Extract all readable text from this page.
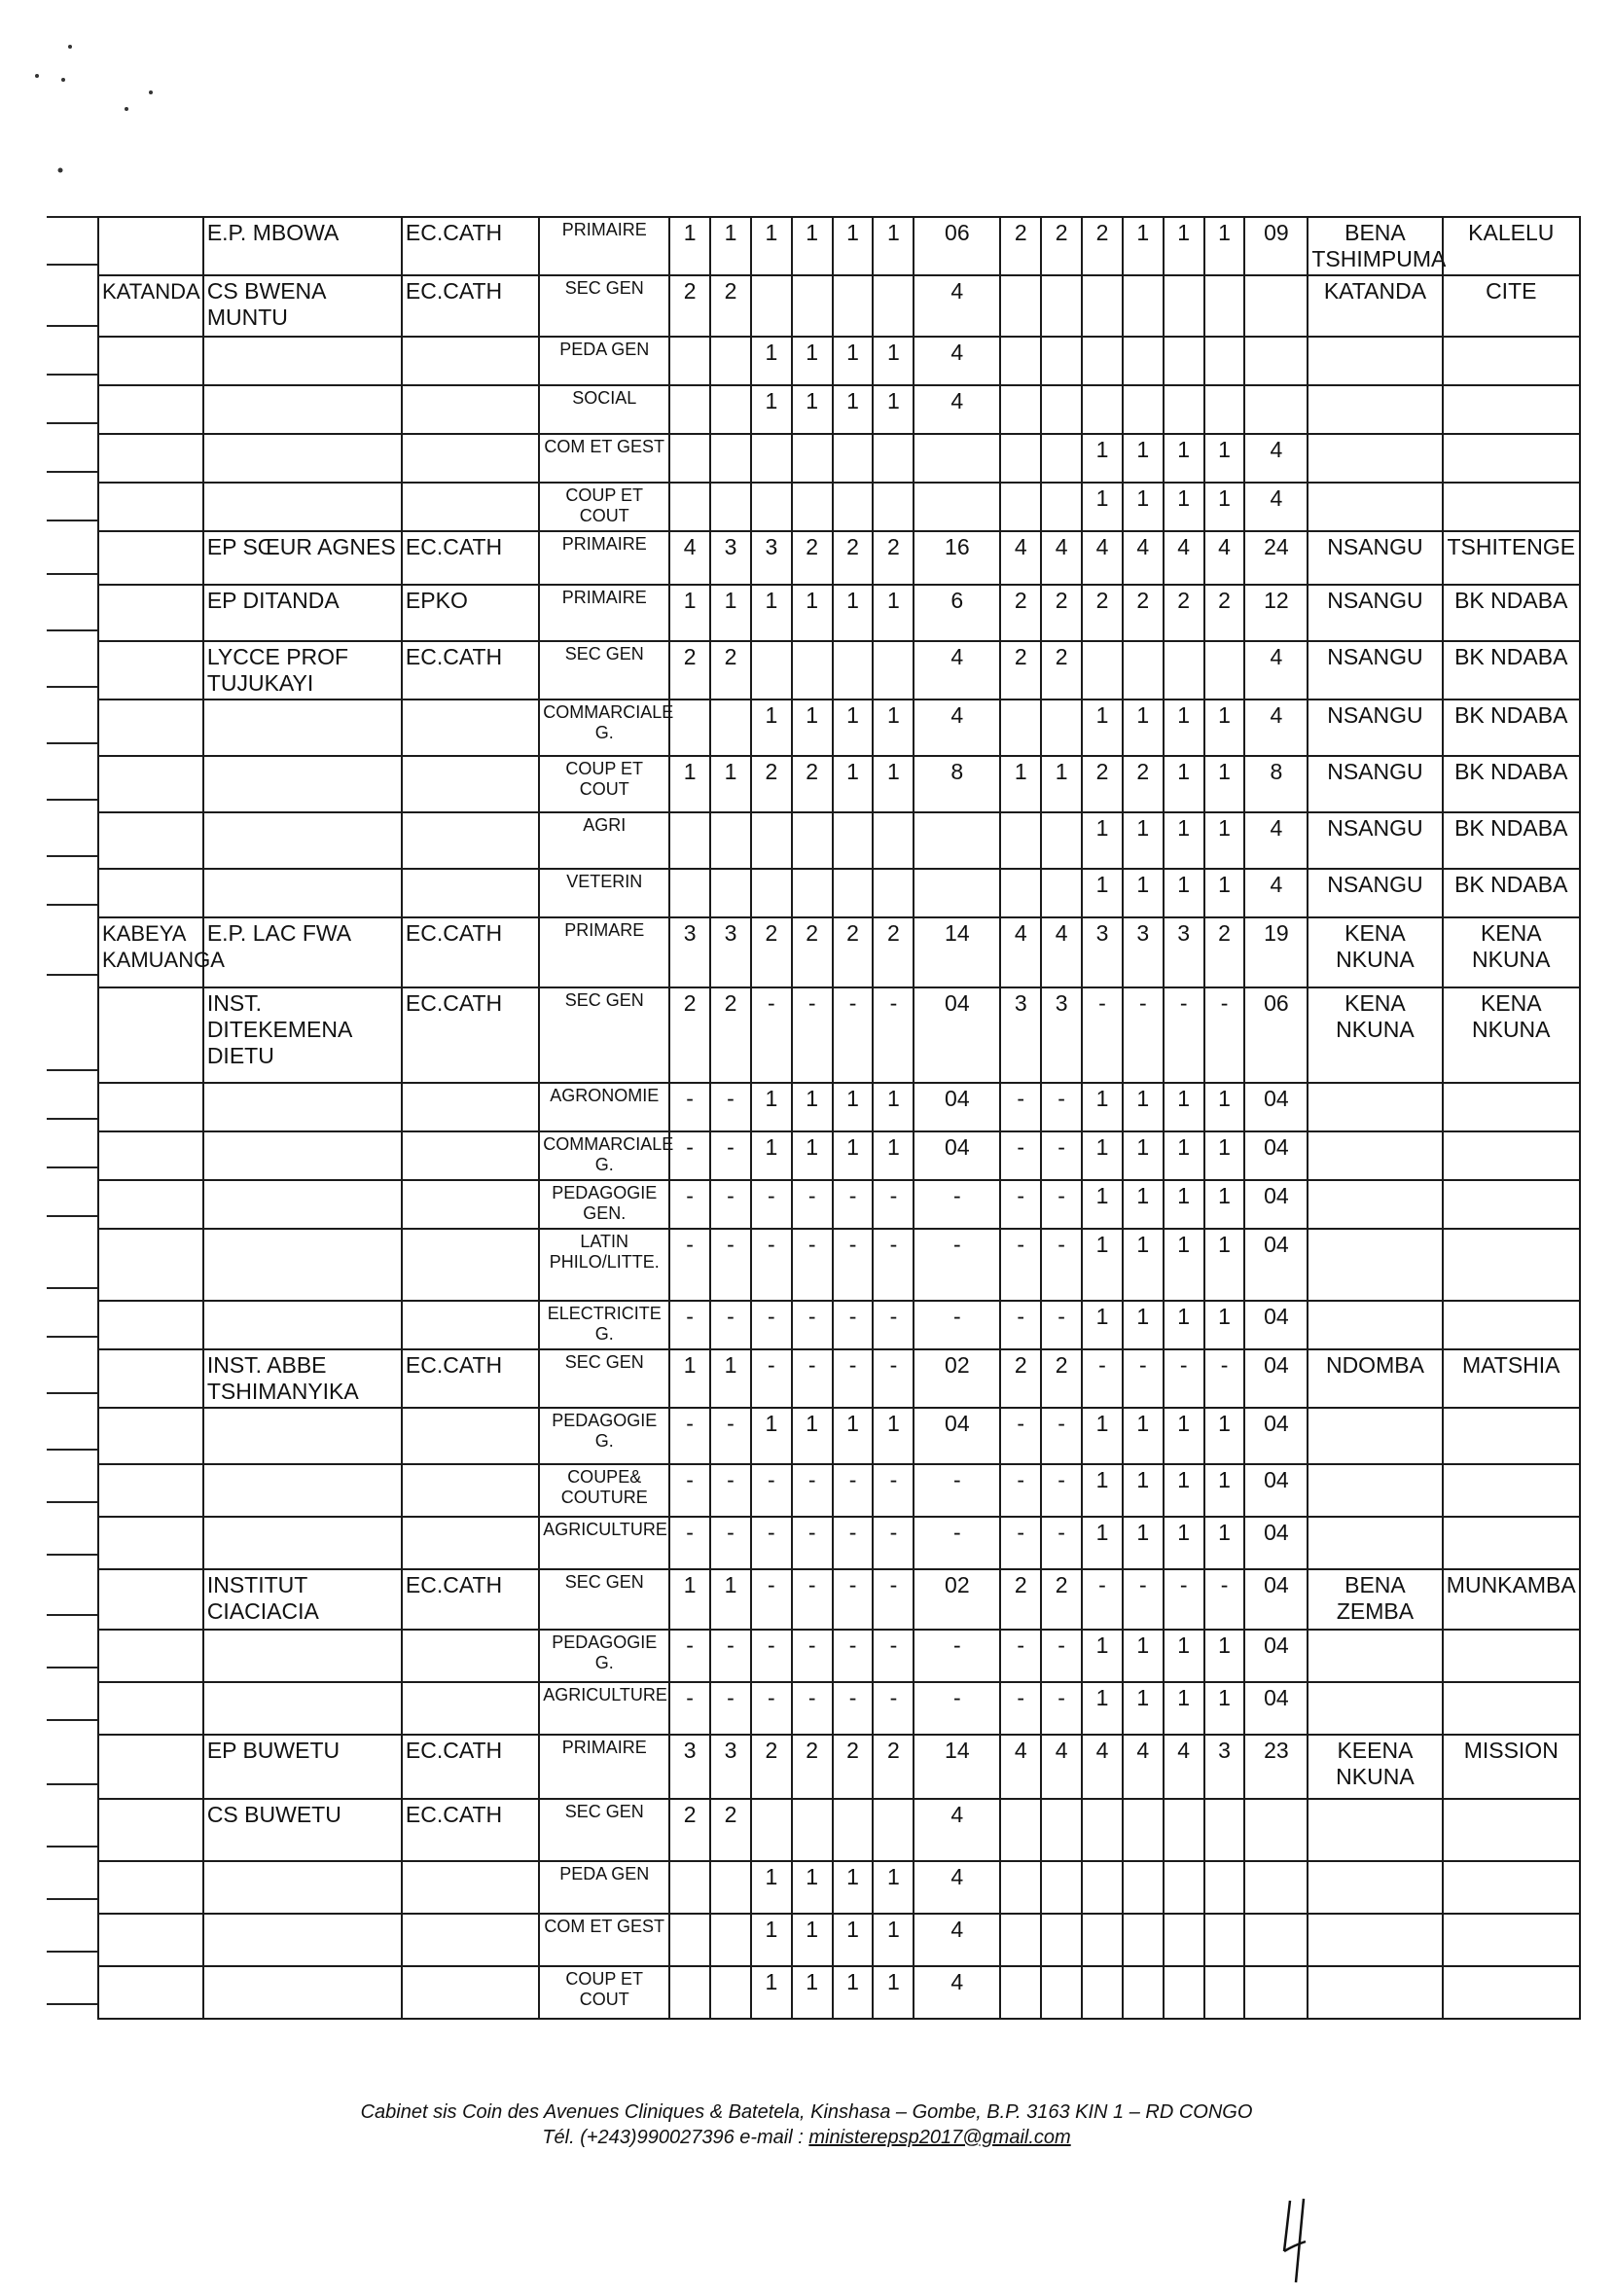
	E.P. MBOWA	EC.CATH	PRIMAIRE	1	1	1	1	1	1	06	2	2	2	1	1	1	09	BENA TSHIMPUMA	KALELU
KATANDA	CS BWENA MUNTU	EC.CATH	SEC GEN	2	2					4								KATANDA	CITE
			PEDA GEN			1	1	1	1	4									
			SOCIAL			1	1	1	1	4									
			COM ET GEST										1	1	1	1	4		
			COUP ET COUT										1	1	1	1	4		
	EP SŒUR AGNES	EC.CATH	PRIMAIRE	4	3	3	2	2	2	16	4	4	4	4	4	4	24	NSANGU	TSHITENGE
	EP DITANDA	EPKO	PRIMAIRE	1	1	1	1	1	1	6	2	2	2	2	2	2	12	NSANGU	BK NDABA
	LYCCE PROF TUJUKAYI	EC.CATH	SEC GEN	2	2					4	2	2					4	NSANGU	BK NDABA
			COMMARCIALE G.			1	1	1	1	4			1	1	1	1	4	NSANGU	BK NDABA
			COUP ET COUT	1	1	2	2	1	1	8	1	1	2	2	1	1	8	NSANGU	BK NDABA
			AGRI										1	1	1	1	4	NSANGU	BK NDABA
			VETERIN										1	1	1	1	4	NSANGU	BK NDABA
KABEYA KAMUANGA	E.P. LAC FWA	EC.CATH	PRIMARE	3	3	2	2	2	2	14	4	4	3	3	3	2	19	KENA NKUNA	KENA NKUNA
	INST. DITEKEMENA DIETU	EC.CATH	SEC GEN	2	2	-	-	-	-	04	3	3	-	-	-	-	06	KENA NKUNA	KENA NKUNA
			AGRONOMIE	-	-	1	1	1	1	04	-	-	1	1	1	1	04		
			COMMARCIALE G.	-	-	1	1	1	1	04	-	-	1	1	1	1	04		
			PEDAGOGIE GEN.	-	-	-	-	-	-	-	-	-	1	1	1	1	04		
			LATIN PHILO/LITTE.	-	-	-	-	-	-	-	-	-	1	1	1	1	04		
			ELECTRICITE G.	-	-	-	-	-	-	-	-	-	1	1	1	1	04		
	INST. ABBE TSHIMANYIKA	EC.CATH	SEC GEN	1	1	-	-	-	-	02	2	2	-	-	-	-	04	NDOMBA	MATSHIA
			PEDAGOGIE G.	-	-	1	1	1	1	04	-	-	1	1	1	1	04		
			COUPE& COUTURE	-	-	-	-	-	-	-	-	-	1	1	1	1	04		
			AGRICULTURE	-	-	-	-	-	-	-	-	-	1	1	1	1	04		
	INSTITUT CIACIACIA	EC.CATH	SEC GEN	1	1	-	-	-	-	02	2	2	-	-	-	-	04	BENA ZEMBA	MUNKAMBA
			PEDAGOGIE G.	-	-	-	-	-	-	-	-	-	1	1	1	1	04		
			AGRICULTURE	-	-	-	-	-	-	-	-	-	1	1	1	1	04		
	EP BUWETU	EC.CATH	PRIMAIRE	3	3	2	2	2	2	14	4	4	4	4	4	3	23	KEENA NKUNA	MISSION
	CS BUWETU	EC.CATH	SEC GEN	2	2					4									
			PEDA GEN			1	1	1	1	4									
			COM ET GEST			1	1	1	1	4									
			COUP ET COUT			1	1	1	1	4									
Cabinet sis Coin des Avenues Cliniques & Batetela, Kinshasa – Gombe, B.P. 3163 KIN 1 – RD CONGO
Tél. (+243)990027396 e-mail : ministerepsp2017@gmail.com
